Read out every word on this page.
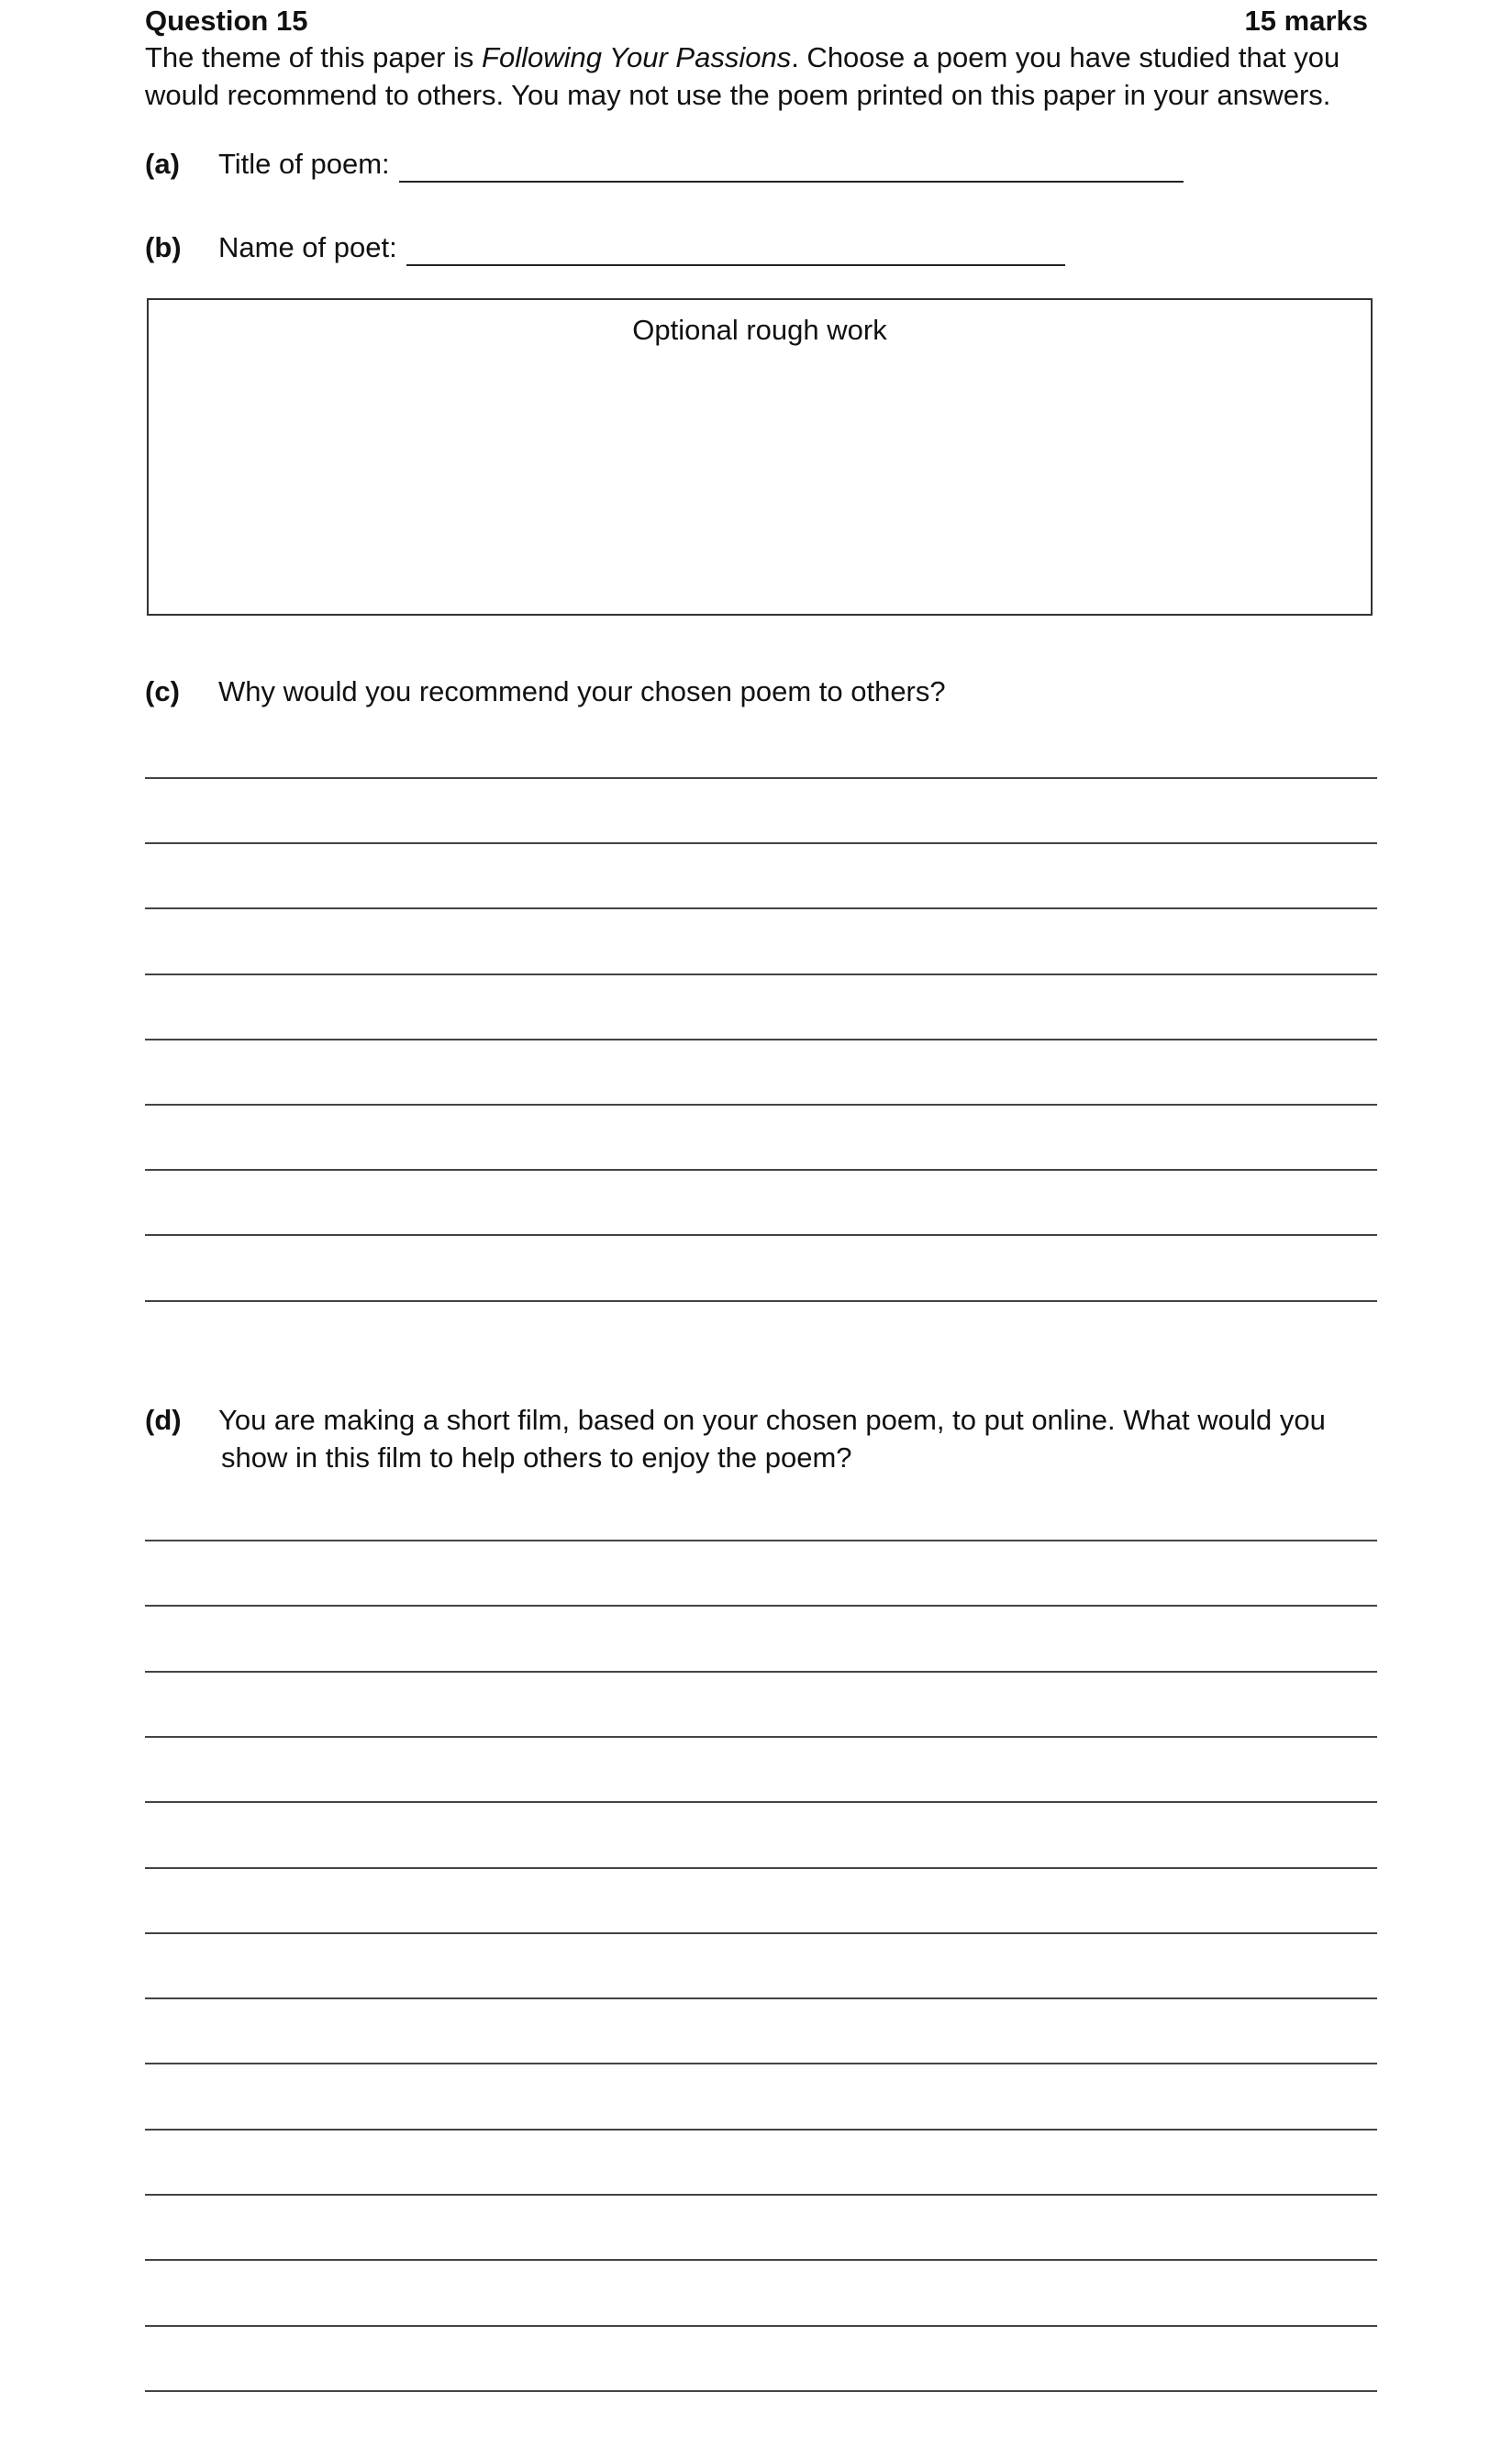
Question 15	15 marks
The theme of this paper is Following Your Passions. Choose a poem you have studied that you
would recommend to others. You may not use the poem printed on this paper in your answers.
(a) Title of poem:
(b) Name of poet:
Optional rough work
(c) Why would you recommend your chosen poem to others?
(d) You are making a short film, based on your chosen poem, to put online. What would you
show in this film to help others to enjoy the poem?
